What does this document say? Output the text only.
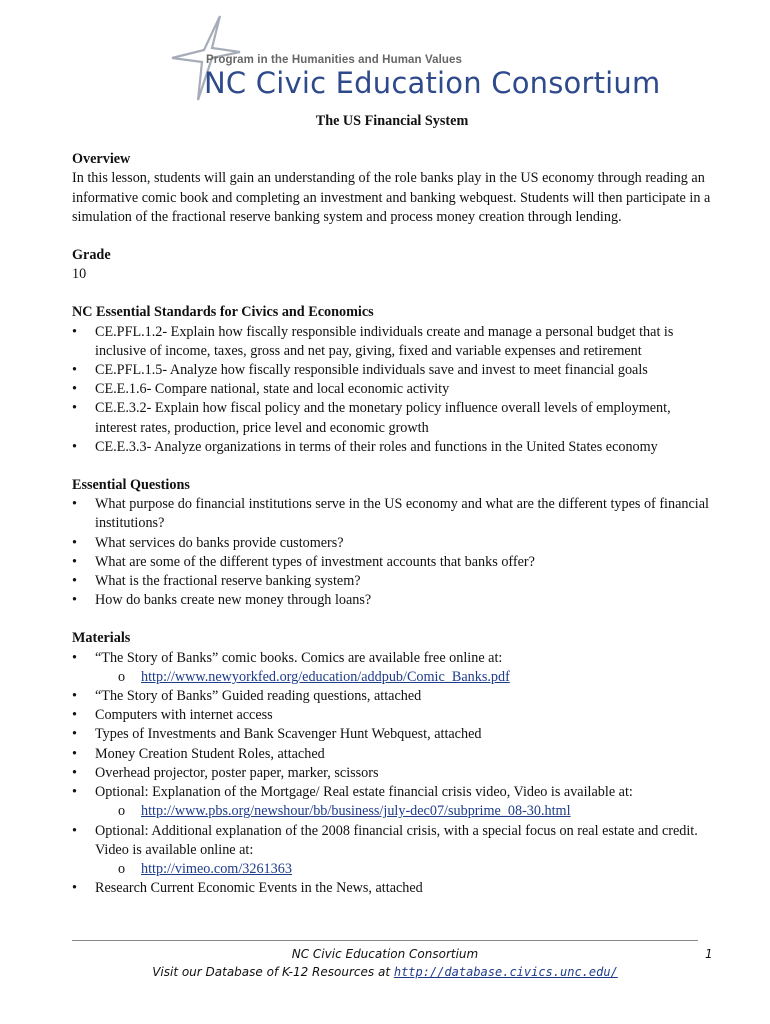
Program in the Humanities and Human Values
NC Civic Education Consortium

The US Financial System

Overview

In this lesson, students will gain an understanding of the role banks play in the US economy through reading an informative comic book and completing an investment and banking webquest. Students will then participate in a simulation of the fractional reserve banking system and process money creation through lending.

Grade

10

NC Essential Standards for Civics and Economics

• CE.PFL.1.2- Explain how fiscally responsible individuals create and manage a personal budget that is inclusive of income, taxes, gross and net pay, giving, fixed and variable expenses and retirement
• CE.PFL.1.5- Analyze how fiscally responsible individuals save and invest to meet financial goals
• CE.E.1.6- Compare national, state and local economic activity
• CE.E.3.2- Explain how fiscal policy and the monetary policy influence overall levels of employment, interest rates, production, price level and economic growth
• CE.E.3.3- Analyze organizations in terms of their roles and functions in the United States economy

Essential Questions

• What purpose do financial institutions serve in the US economy and what are the different types of financial institutions?
• What services do banks provide customers?
• What are some of the different types of investment accounts that banks offer?
• What is the fractional reserve banking system?
• How do banks create new money through loans?

Materials

• “The Story of Banks” comic books. Comics are available free online at:
o http://www.newyorkfed.org/education/addpub/Comic_Banks.pdf
• “The Story of Banks” Guided reading questions, attached
• Computers with internet access
• Types of Investments and Bank Scavenger Hunt Webquest, attached
• Money Creation Student Roles, attached
• Overhead projector, poster paper, marker, scissors
• Optional: Explanation of the Mortgage/ Real estate financial crisis video, Video is available at:
o http://www.pbs.org/newshour/bb/business/july-dec07/subprime_08-30.html
• Optional: Additional explanation of the 2008 financial crisis, with a special focus on real estate and credit. Video is available online at:
o http://vimeo.com/3261363
• Research Current Economic Events in the News, attached
NC Civic Education Consortium
Visit our Database of K-12 Resources at http://database.civics.unc.edu/
1
